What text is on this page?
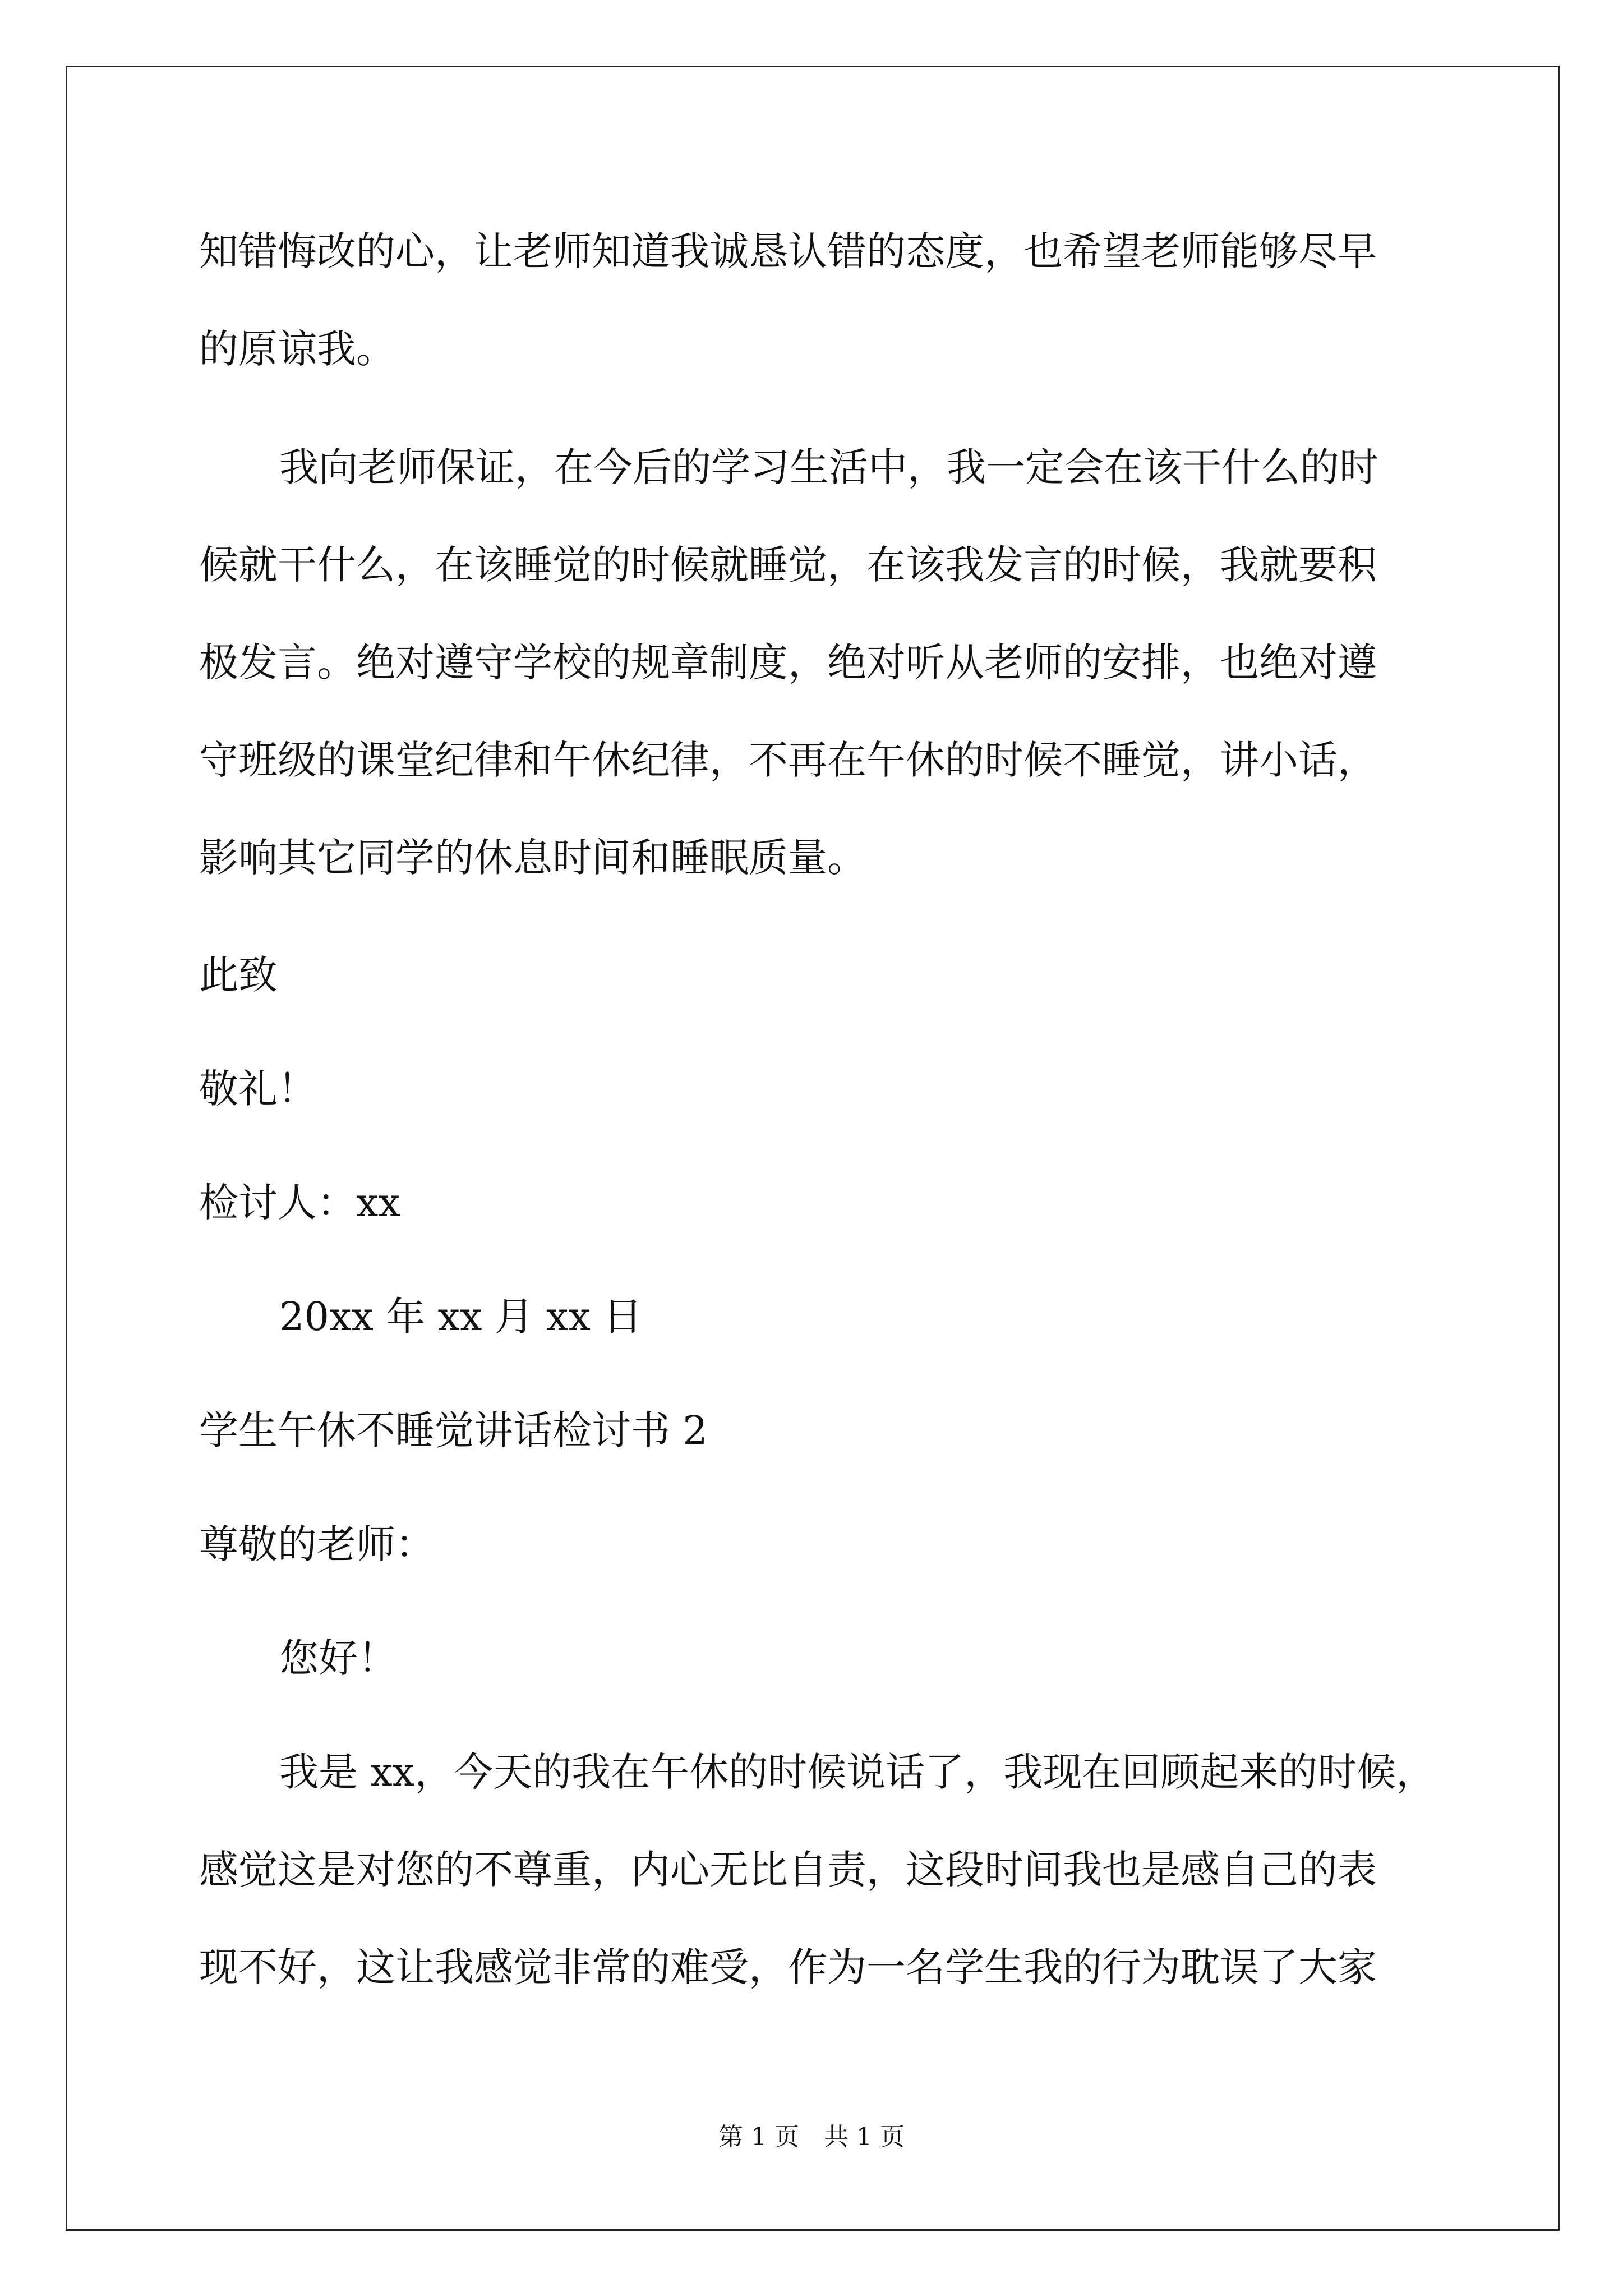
知错悔改的心，让老师知道我诚恳认错的态度，也希望老师能够尽早
的原谅我。
我向老师保证，在今后的学习生活中，我一定会在该干什么的时
候就干什么，在该睡觉的时候就睡觉，在该我发言的时候，我就要积
极发言。绝对遵守学校的规章制度，绝对听从老师的安排，也绝对遵
守班级的课堂纪律和午休纪律，不再在午休的时候不睡觉，讲小话，
影响其它同学的休息时间和睡眠质量。
此致
敬礼！
检讨人：xx
20xx 年 xx 月 xx 日
学生午休不睡觉讲话检讨书 2
尊敬的老师：
您好！
我是 xx，今天的我在午休的时候说话了，我现在回顾起来的时候，
感觉这是对您的不尊重，内心无比自责，这段时间我也是感自己的表
现不好，这让我感觉非常的难受，作为一名学生我的行为耽误了大家
第 1 页 共 1 页
